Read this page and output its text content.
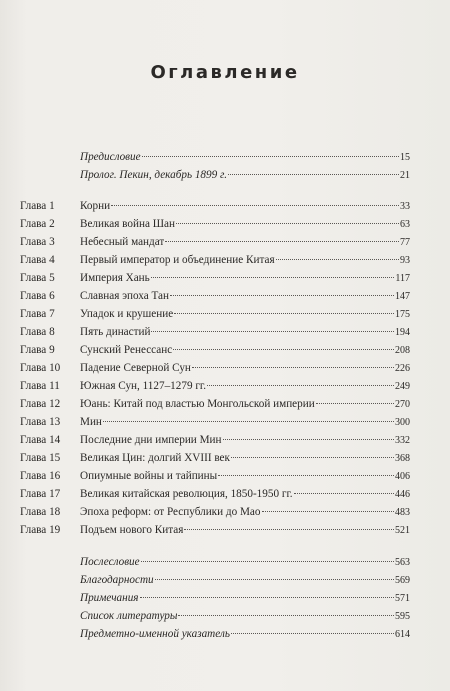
Оглавление
Предисловие	15
Пролог. Пекин, декабрь 1899 г.	21
Глава 1	Корни	33
Глава 2	Великая война Шан	63
Глава 3	Небесный мандат	77
Глава 4	Первый император и объединение Китая	93
Глава 5	Империя Хань	117
Глава 6	Славная эпоха Тан	147
Глава 7	Упадок и крушение	175
Глава 8	Пять династий	194
Глава 9	Сунский Ренессанс	208
Глава 10	Падение Северной Сун	226
Глава 11	Южная Сун, 1127–1279 гг.	249
Глава 12	Юань: Китай под властью Монгольской империи	270
Глава 13	Мин	300
Глава 14	Последние дни империи Мин	332
Глава 15	Великая Цин: долгий XVIII век	368
Глава 16	Опиумные войны и тайпины	406
Глава 17	Великая китайская революция, 1850-1950 гг.	446
Глава 18	Эпоха реформ: от Республики до Мао	483
Глава 19	Подъем нового Китая	521
Послесловие	563
Благодарности	569
Примечания	571
Список литературы	595
Предметно-именной указатель	614
